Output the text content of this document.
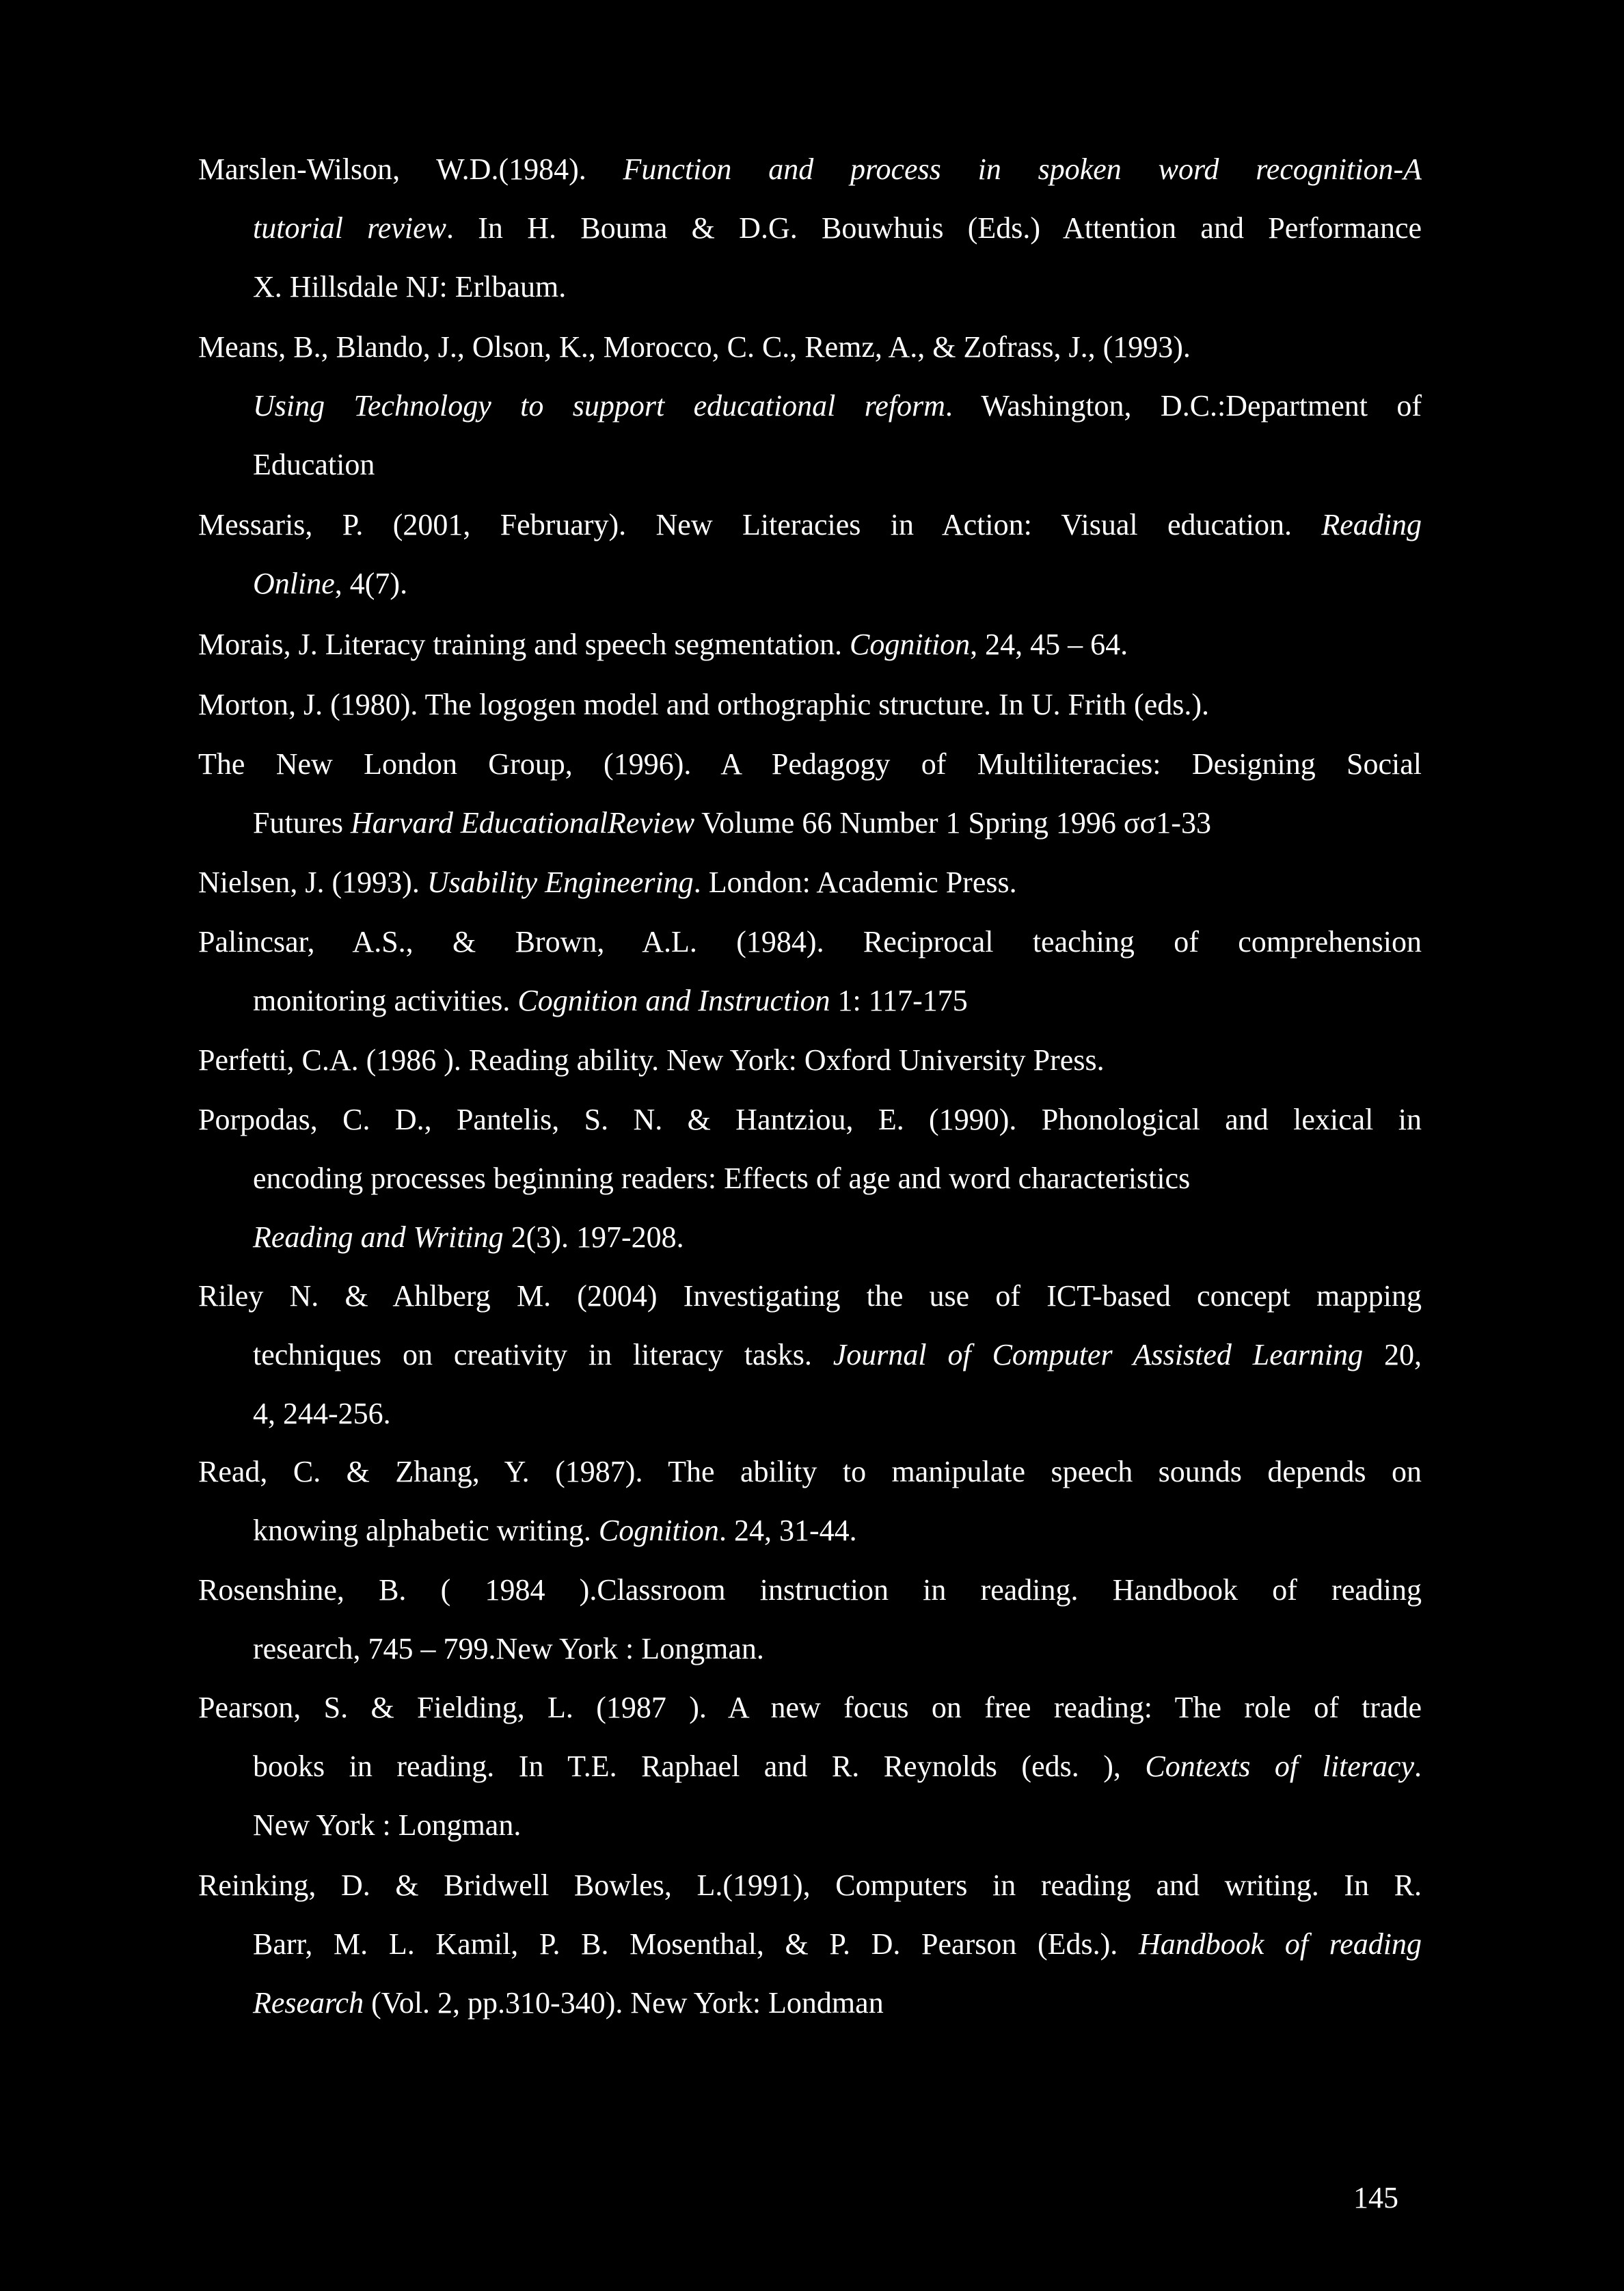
Marslen-Wilson, W.D.(1984). Function and process in spoken word recognition-A
tutorial review. In H. Bouma & D.G. Bouwhuis (Eds.) Attention and Performance
X. Hillsdale NJ: Erlbaum.
Means, B., Blando, J., Olson, K., Morocco, C. C., Remz, A., & Zofrass, J., (1993).
Using Technology to support educational reform. Washington, D.C.:Department of
Education
Messaris, P. (2001, February). New Literacies in Action: Visual education. Reading
Online, 4(7).
Morais, J. Literacy training and speech segmentation. Cognition, 24, 45 – 64.
Morton, J. (1980). The logogen model and orthographic structure. In U. Frith (eds.).
The New London Group, (1996). A Pedagogy of Multiliteracies: Designing Social
Futures Harvard EducationalReview Volume 66 Number 1 Spring 1996 σσ1-33
Nielsen, J. (1993). Usability Engineering. London: Academic Press.
Palincsar, A.S., & Brown, A.L. (1984). Reciprocal teaching of comprehension
monitoring activities. Cognition and Instruction 1: 117-175
Perfetti, C.A. (1986 ). Reading ability. New York: Oxford University Press.
Porpodas, C. D., Pantelis, S. N. & Hantziou, E. (1990). Phonological and lexical in
encoding processes beginning readers: Effects of age and word characteristics
Reading and Writing 2(3). 197-208.
Riley N. & Ahlberg M. (2004) Investigating the use of ICT-based concept mapping
techniques on creativity in literacy tasks. Journal of Computer Assisted Learning 20,
4, 244-256.
Read, C. & Zhang, Y. (1987). The ability to manipulate speech sounds depends on
knowing alphabetic writing. Cognition. 24, 31-44.
Rosenshine, B. ( 1984 ).Classroom instruction in reading. Handbook of reading
research, 745 – 799.New York : Longman.
Pearson, S. & Fielding, L. (1987 ). A new focus on free reading: The role of trade
books in reading. In T.E. Raphael and R. Reynolds (eds. ), Contexts of literacy.
New York : Longman.
Reinking, D. & Bridwell Bowles, L.(1991), Computers in reading and writing. In R.
Barr, M. L. Kamil, P. B. Mosenthal, & P. D. Pearson (Eds.). Handbook of reading
Research (Vol. 2, pp.310-340). New York: Londman
145
